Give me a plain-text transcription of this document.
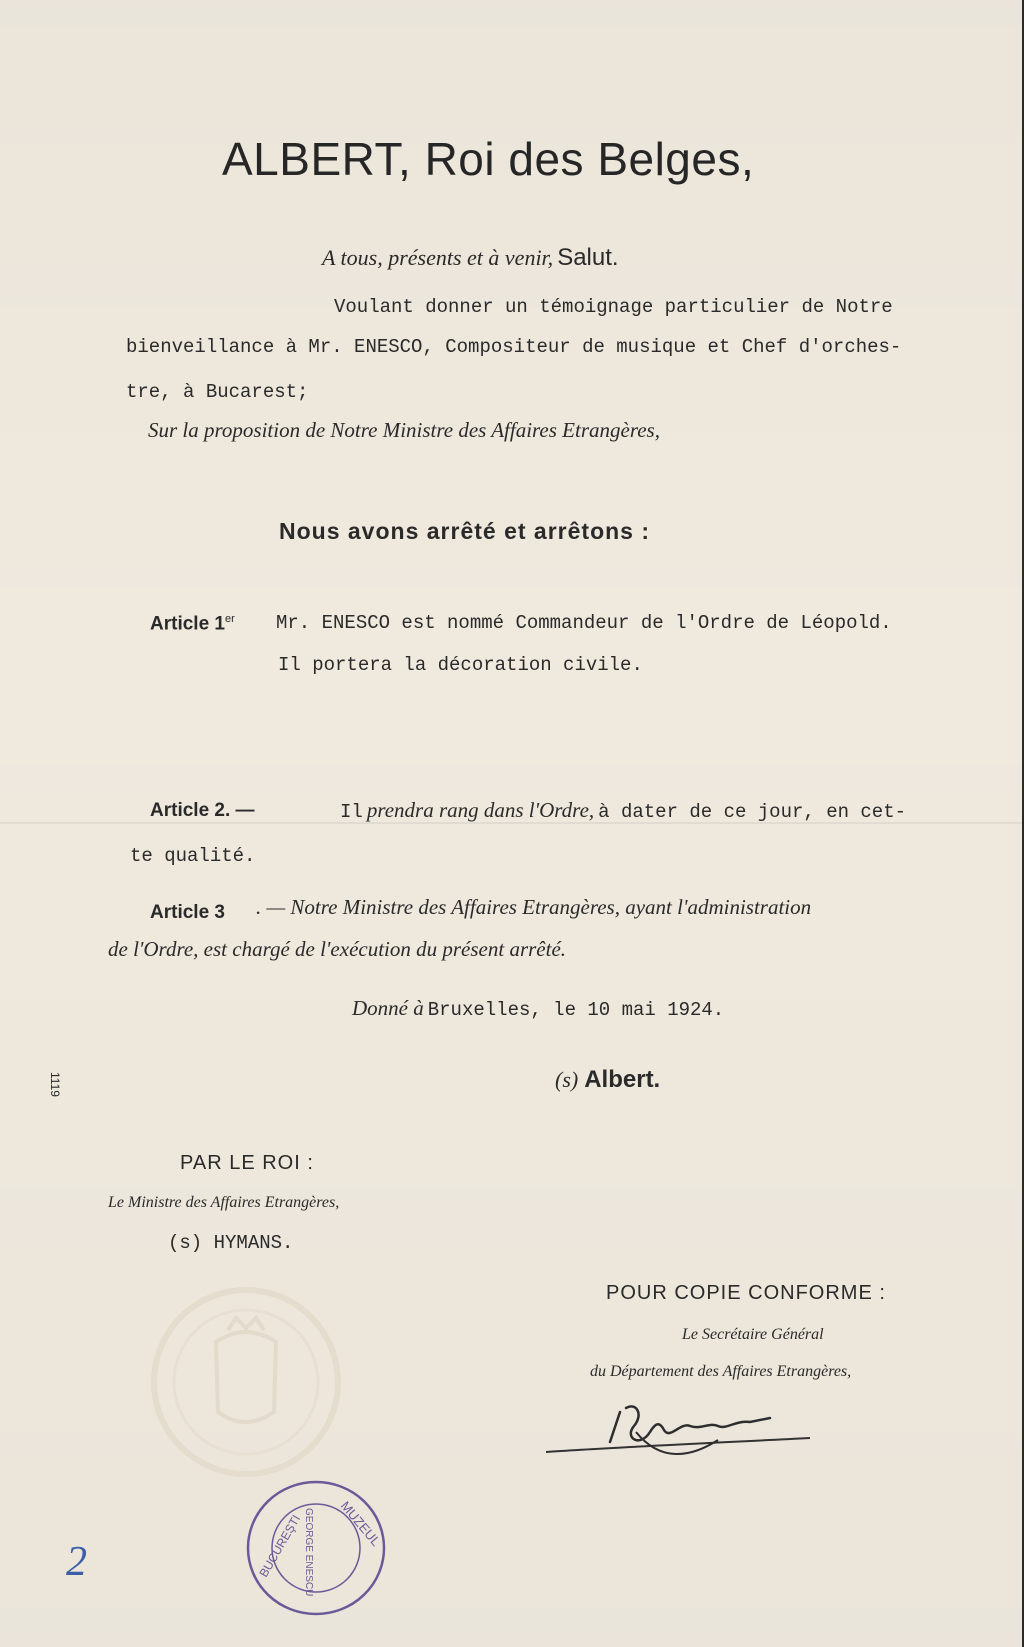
ALBERT, Roi des Belges,
A tous, présents et à venir, Salut.
Voulant donner un témoignage particulier de Notre
bienveillance à Mr. ENESCO, Compositeur de musique et Chef d'orches-
tre, à Bucarest;
Sur la proposition de Notre Ministre des Affaires Etrangères,
Nous avons arrêté et arrêtons :
Article 1er Mr. ENESCO est nommé Commandeur de l'Ordre de Léopold.
Il portera la décoration civile.
Article 2. —	Il prendra rang dans l'Ordre, à dater de ce jour, en cet-
te qualité.
Article 3 . — Notre Ministre des Affaires Etrangères, ayant l'administration
de l'Ordre, est chargé de l'exécution du présent arrêté.
Donné à Bruxelles, le 10 mai 1924.
1119	(s) Albert.
PAR LE ROI :
Le Ministre des Affaires Etrangères,
(s) HYMANS.
POUR COPIE CONFORME :
Le Secrétaire Général
du Département des Affaires Etrangères,
MUZEUL
GEORGE ENESCU
BUCUREŞTI
2
